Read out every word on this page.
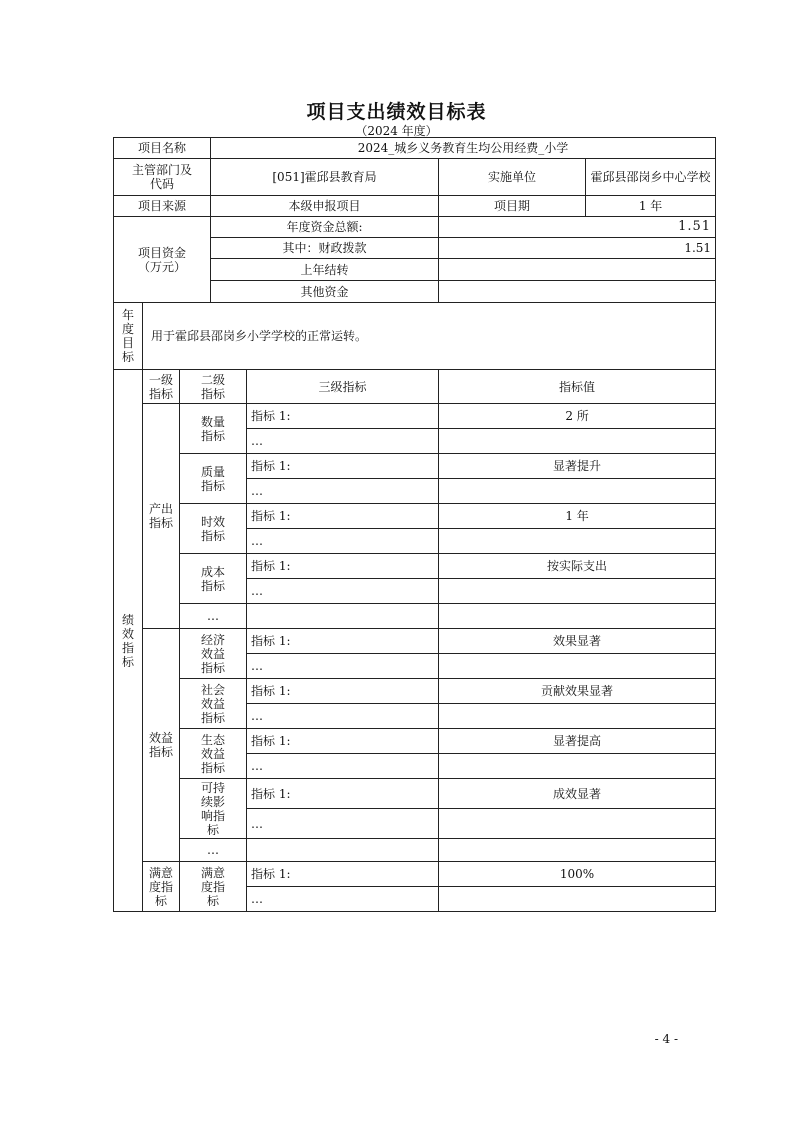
项目支出绩效目标表
（2024 年度）
项目名称			2024_城乡义务教育生均公用经费_小学			

主管部门及代码			[051]霍邱县教育局		实施单位	霍邱县邵岗乡中心学校
项目来源			本级申报项目		项目期	1 年

项目资金（万元）			年度资金总额:		1.51	
			其中：财政拨款		1.51	
			上年结转			
			其他资金			

年度目标	用于霍邱县邵岗乡小学学校的正常运转。					

绩效指标	一级指标	二级指标		三级指标	指标值	

	产出指标	数量指标		指标 1:	2 所	
				…		

		质量指标		指标 1:	显著提升	
				…		

		时效指标		指标 1:	1 年	
				…		

		成本指标		指标 1:	按实际支出	
				…		
		…				

	效益指标	经济效益指标		指标 1:	效果显著	
				…		

		社会效益指标		指标 1:	贡献效果显著	
				…		

		生态效益指标		指标 1:	显著提高	
				…		

		可持续影响指标		指标 1:	成效显著	
				…		
		…				

	满意度指标	满意度指标		指标 1:	100%	
				…		
- 4 -
